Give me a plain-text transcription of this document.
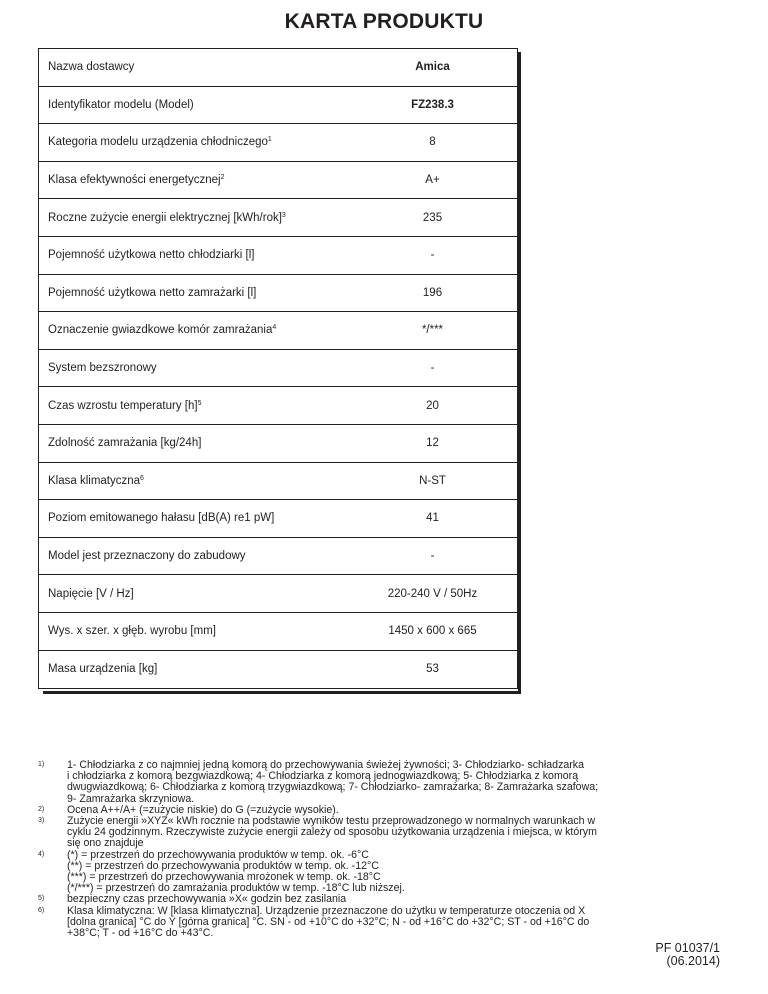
KARTA PRODUKTU
Nazwa dostawcy	Amica
Identyfikator modelu (Model)	FZ238.3
Kategoria modelu urządzenia chłodniczego$^1$	8
Klasa efektywności energetycznej$^2$	A+
Roczne zużycie energii elektrycznej $[kWh/rok]^3$	235
Pojemność użytkowa netto chłodziarki [l]	-
Pojemność użytkowa netto zamrażarki [l]	196
Oznaczenie gwiazdkowe komór zamrażania$^4$	*/***
System bezszronowy	-
Czas wzrostu temperatury $[h]^5$	20
Zdolność zamrażania [kg/24h]	12
Klasa klimatyczna$^6$	N-ST
Poziom emitowanego hałasu [dB(A) re1 pW]	41
Model jest przeznaczony do zabudowy	-
Napięcie [V / Hz]	220-240 V / 50Hz
Wys. x szer. x głęb. wyrobu [mm]	1450 x 600 x 665
Masa urządzenia [kg]	53
1)	1- Chłodziarka z co najmniej jedną komorą do przechowywania świeżej żywności; 3- Chłodziarko- schładzarka
i chłodziarka z komorą bezgwiazdkową; 4- Chłodziarka z komorą jednogwiazdkową; 5- Chłodziarka z komorą
dwugwiazdkową; 6- Chłodziarka z komorą trzygwiazdkową; 7- Chłodziarko- zamrażarka; 8- Zamrażarka szafowa;
9- Zamrażarka skrzyniowa.
2)	Ocena A++/A+ (=zużycie niskie) do G (=zużycie wysokie).
3)	Zużycie energii »XYZ« kWh rocznie na podstawie wyników testu przeprowadzonego w normalnych warunkach w
cyklu 24 godzinnym. Rzeczywiste zużycie energii zależy od sposobu użytkowania urządzenia i miejsca, w którym
się ono znajduje
4)	(*) = przestrzeń do przechowywania produktów w temp. ok. -6°C
(**) = przestrzeń do przechowywania produktów w temp. ok. -12°C
(***) = przestrzeń do przechowywania mrożonek w temp. ok. -18°C
(*/***) = przestrzeń do zamrażania produktów w temp. -18°C lub niższej.
5)	bezpieczny czas przechowywania »X« godzin bez zasilania
6)	Klasa klimatyczna: W [klasa klimatyczna]. Urządzenie przeznaczone do użytku w temperaturze otoczenia od X
[dolna granica] °C do Y [górna granica] °C. SN - od +10°C do +32°C; N - od +16°C do +32°C; ST - od +16°C do
+38°C; T - od +16°C do +43°C.
PF 01037/1
(06.2014)
